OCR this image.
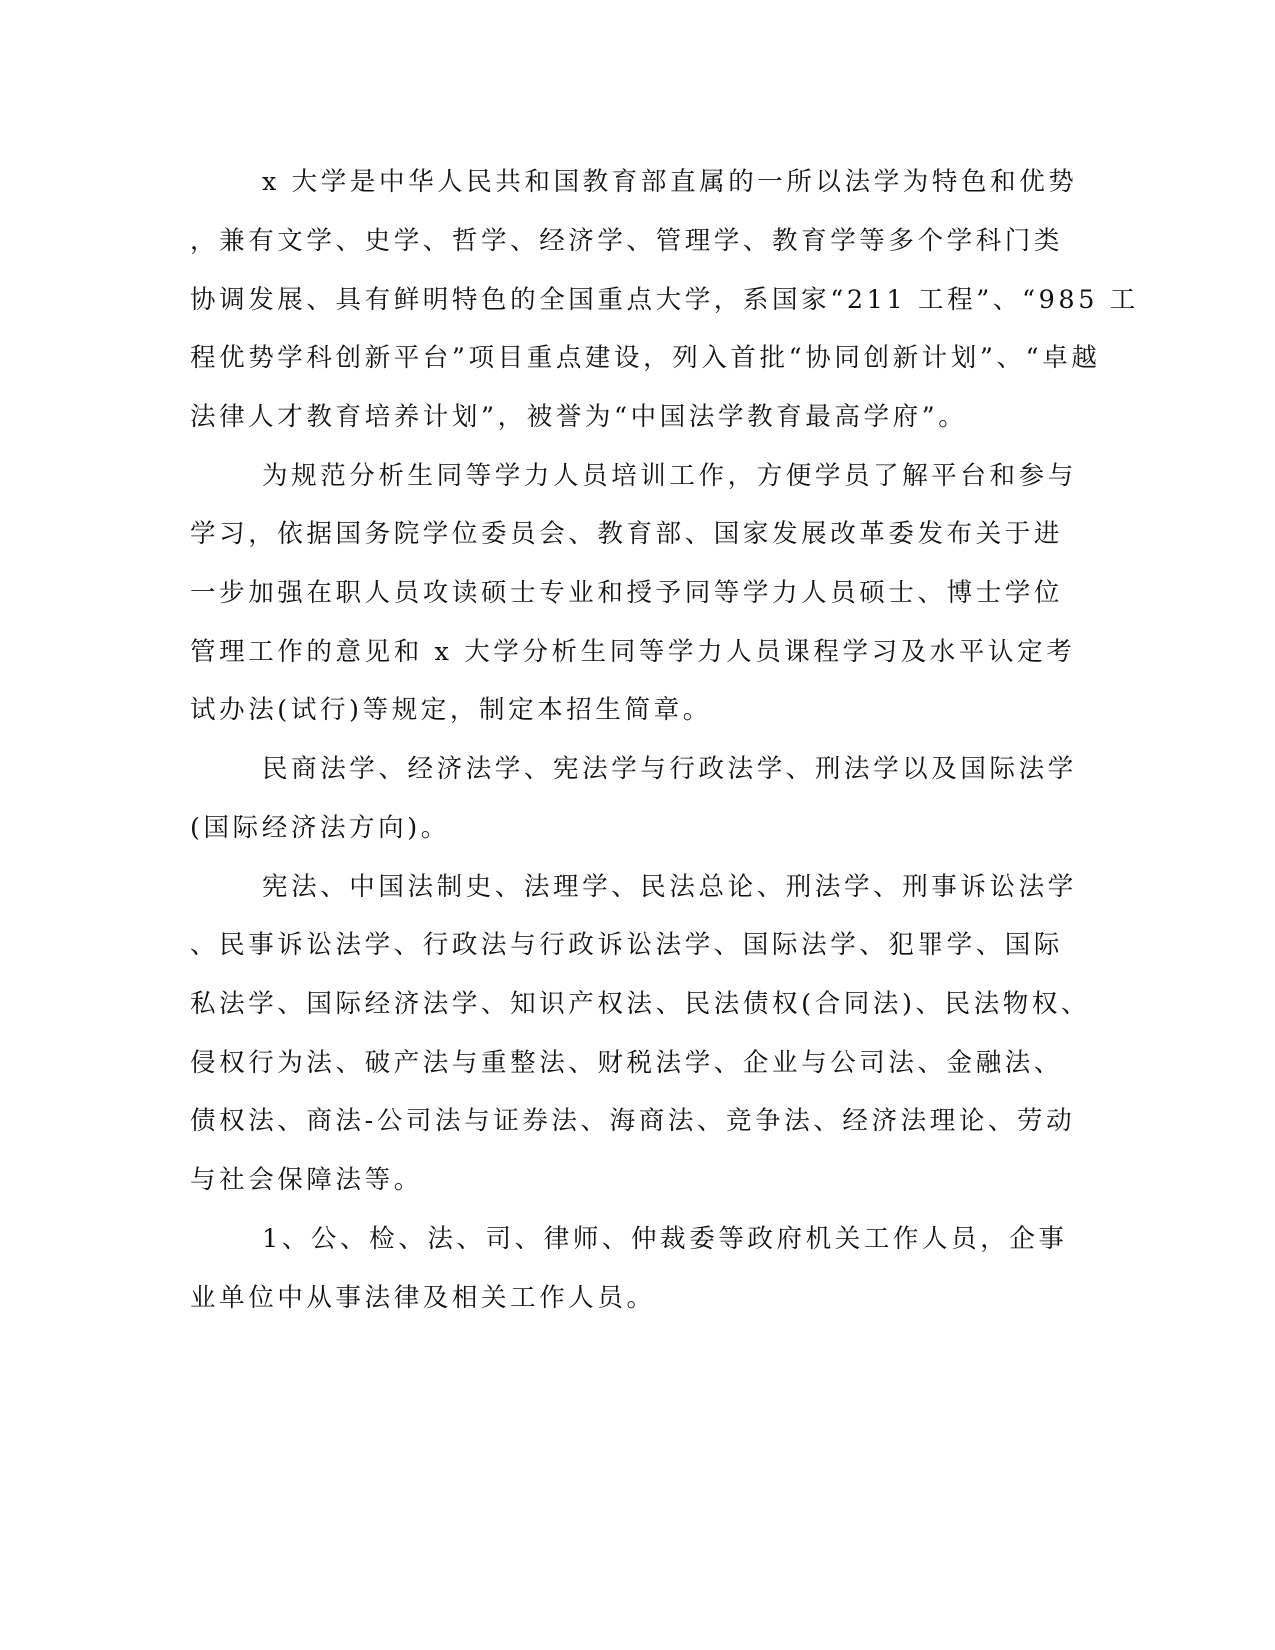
x 大学是中华人民共和国教育部直属的一所以法学为特色和优势

，兼有文学、史学、哲学、经济学、管理学、教育学等多个学科门类

协调发展、具有鲜明特色的全国重点大学，系国家“211 工程”、“985 工

程优势学科创新平台”项目重点建设，列入首批“协同创新计划”、“卓越

法律人才教育培养计划”，被誉为“中国法学教育最高学府”。

为规范分析生同等学力人员培训工作，方便学员了解平台和参与

学习，依据国务院学位委员会、教育部、国家发展改革委发布关于进

一步加强在职人员攻读硕士专业和授予同等学力人员硕士、博士学位

管理工作的意见和 x 大学分析生同等学力人员课程学习及水平认定考

试办法(试行)等规定，制定本招生简章。

民商法学、经济法学、宪法学与行政法学、刑法学以及国际法学

(国际经济法方向)。

宪法、中国法制史、法理学、民法总论、刑法学、刑事诉讼法学

、民事诉讼法学、行政法与行政诉讼法学、国际法学、犯罪学、国际

私法学、国际经济法学、知识产权法、民法债权(合同法)、民法物权、

侵权行为法、破产法与重整法、财税法学、企业与公司法、金融法、

债权法、商法-公司法与证券法、海商法、竞争法、经济法理论、劳动

与社会保障法等。

1、公、检、法、司、律师、仲裁委等政府机关工作人员，企事

业单位中从事法律及相关工作人员。
